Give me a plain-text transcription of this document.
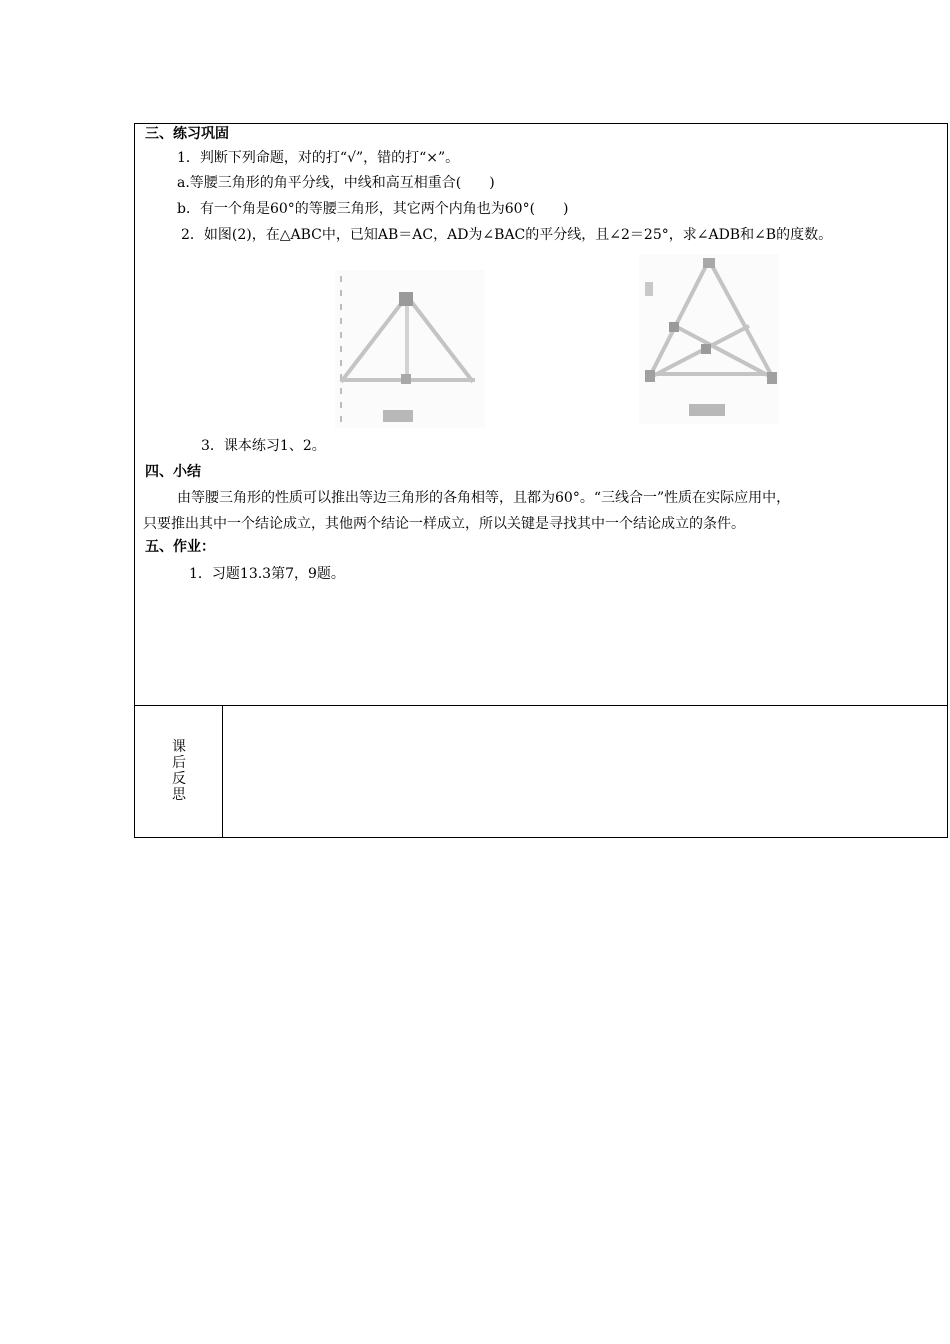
三、练习巩固
1．判断下列命题，对的打“√”，错的打“×”。
a.等腰三角形的角平分线，中线和高互相重合(　　)
b．有一个角是60°的等腰三角形，其它两个内角也为60°(　　)
2．如图(2)，在△ABC中，已知AB＝AC，AD为∠BAC的平分线，且∠2＝25°，求∠ADB和∠B的度数。
3．课本练习1、2。
四、小结
由等腰三角形的性质可以推出等边三角形的各角相等，且都为60°。“三线合一”性质在实际应用中，
只要推出其中一个结论成立，其他两个结论一样成立，所以关键是寻找其中一个结论成立的条件。
五、作业：
1．习题13.3第7，9题。
课后反思
